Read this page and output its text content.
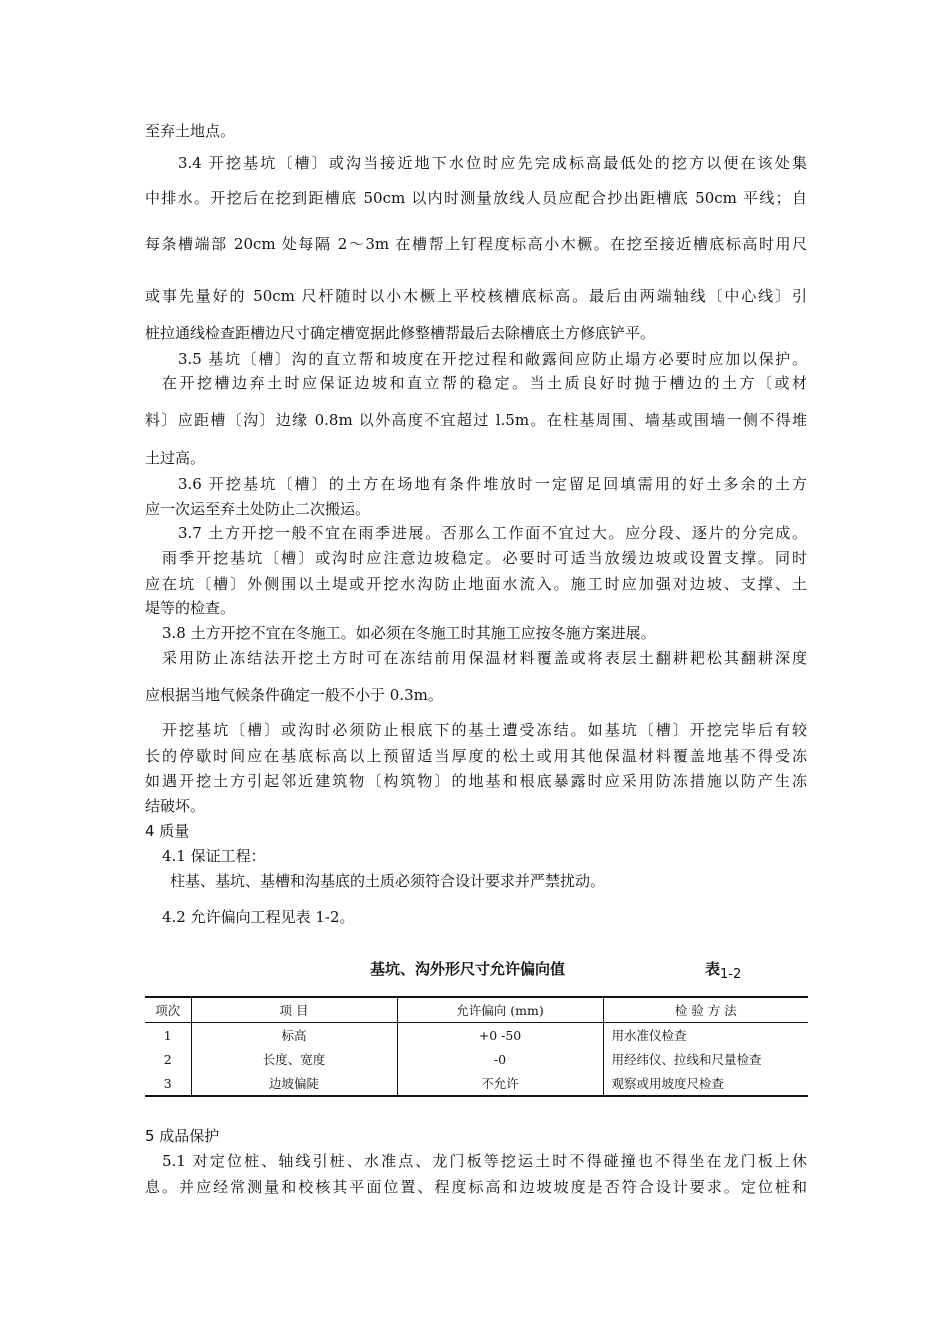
至弃土地点。
3.4 开挖基坑〔槽〕或沟当接近地下水位时应先完成标高最低处的挖方以便在该处集
中排水。开挖后在挖到距槽底 50cm 以内时测量放线人员应配合抄出距槽底 50cm 平线；自
每条槽端部 20cm 处每隔 2～3m 在槽帮上钉程度标高小木橛。在挖至接近槽底标高时用尺
或事先量好的 50cm 尺杆随时以小木橛上平校核槽底标高。最后由两端轴线〔中心线〕引
桩拉通线检查距槽边尺寸确定槽宽据此修整槽帮最后去除槽底土方修底铲平。
3.5 基坑〔槽〕沟的直立帮和坡度在开挖过程和敞露间应防止塌方必要时应加以保护。
在开挖槽边弃土时应保证边坡和直立帮的稳定。当土质良好时抛于槽边的土方〔或材
料〕应距槽〔沟〕边缘 0.8m 以外高度不宜超过 l.5m。在柱基周围、墙基或围墙一侧不得堆
土过高。
3.6 开挖基坑〔槽〕的土方在场地有条件堆放时一定留足回填需用的好土多余的土方
应一次运至弃土处防止二次搬运。
3.7 土方开挖一般不宜在雨季进展。否那么工作面不宜过大。应分段、逐片的分完成。
雨季开挖基坑〔槽〕或沟时应注意边坡稳定。必要时可适当放缓边坡或设置支撑。同时
应在坑〔槽〕外侧围以土堤或开挖水沟防止地面水流入。施工时应加强对边坡、支撑、土
堤等的检查。
3.8 土方开挖不宜在冬施工。如必须在冬施工时其施工应按冬施方案进展。
采用防止冻结法开挖土方时可在冻结前用保温材料覆盖或将表层土翻耕耙松其翻耕深度
应根据当地气候条件确定一般不小于 0.3m。
开挖基坑〔槽〕或沟时必须防止根底下的基土遭受冻结。如基坑〔槽〕开挖完毕后有较
长的停歇时间应在基底标高以上预留适当厚度的松土或用其他保温材料覆盖地基不得受冻
如遇开挖土方引起邻近建筑物〔构筑物〕的地基和根底暴露时应采用防冻措施以防产生冻
结破坏。
4 质量
4.1 保证工程：
柱基、基坑、基槽和沟基底的土质必须符合设计要求并严禁扰动。
4.2 允许偏向工程见表 1-2。
基坑、沟外形尺寸允许偏向值	表$_{1-2}$
项次	项 目	允许偏向 (mm)	检 验 方 法
1	标高	+0 -50	用水准仪检查
2	长度、宽度	-0	用经纬仪、拉线和尺量检查
3	边坡偏陡	不允许	观察或用坡度尺检查
5 成品保护
5.1 对定位桩、轴线引桩、水准点、龙门板等挖运土时不得碰撞也不得坐在龙门板上休
息。并应经常测量和校核其平面位置、程度标高和边坡坡度是否符合设计要求。定位桩和
